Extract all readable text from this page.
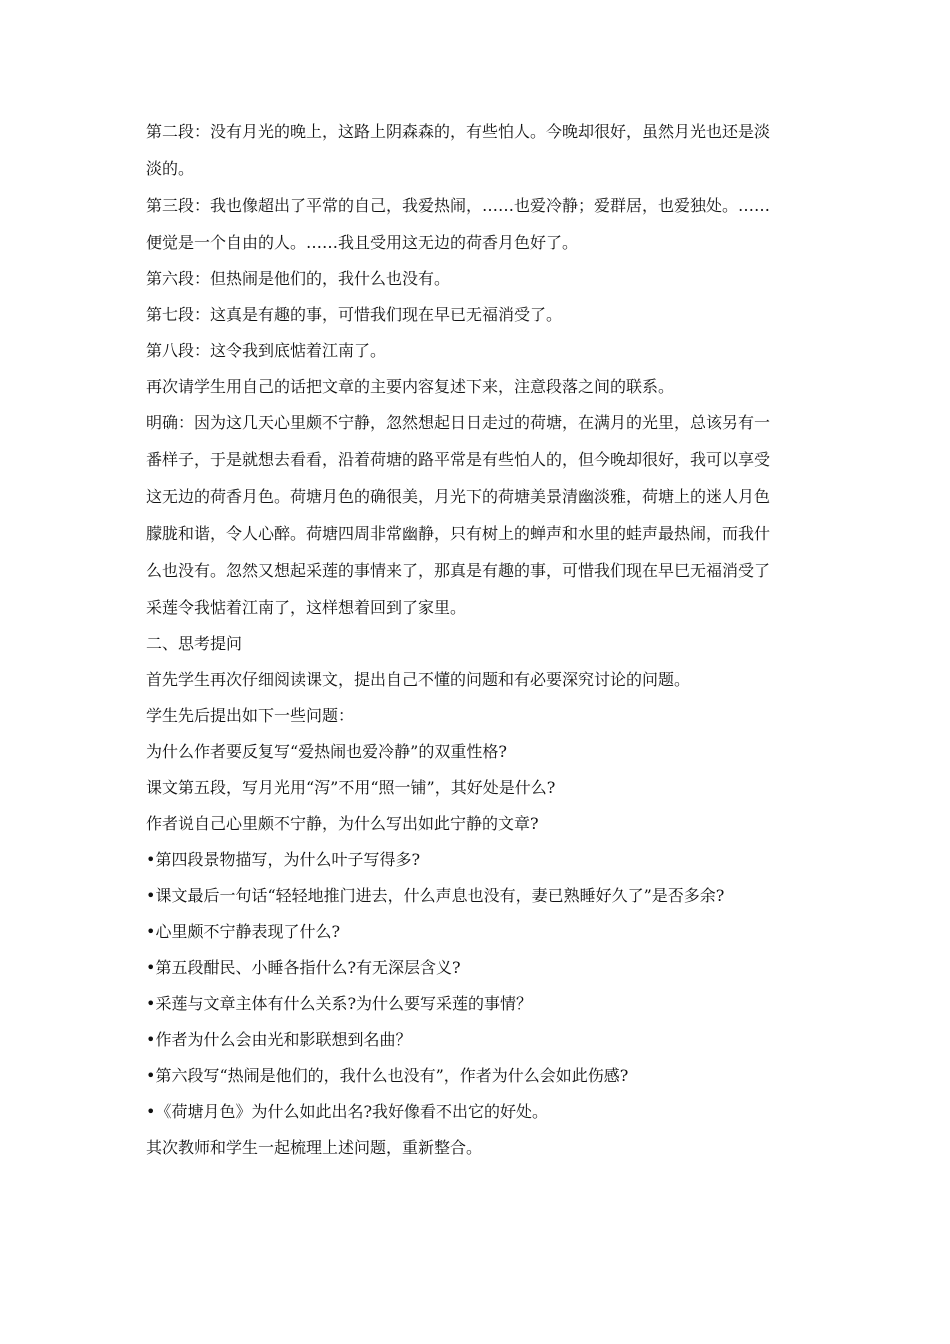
第二段：没有月光的晚上，这路上阴森森的，有些怕人。今晚却很好，虽然月光也还是淡

淡的。

第三段：我也像超出了平常的自己，我爱热闹，……也爱冷静；爱群居，也爱独处。……

便觉是一个自由的人。……我且受用这无边的荷香月色好了。

第六段：但热闹是他们的，我什么也没有。

第七段：这真是有趣的事，可惜我们现在早已无福消受了。

第八段：这令我到底惦着江南了。

再次请学生用自己的话把文章的主要内容复述下来，注意段落之间的联系。

明确：因为这几天心里颇不宁静，忽然想起日日走过的荷塘，在满月的光里，总该另有一

番样子，于是就想去看看，沿着荷塘的路平常是有些怕人的，但今晚却很好，我可以享受

这无边的荷香月色。荷塘月色的确很美，月光下的荷塘美景清幽淡雅，荷塘上的迷人月色

朦胧和谐，令人心醉。荷塘四周非常幽静，只有树上的蝉声和水里的蛙声最热闹，而我什

么也没有。忽然又想起采莲的事情来了，那真是有趣的事，可惜我们现在早巳无福消受了

采莲令我惦着江南了，这样想着回到了家里。

二、思考提问

首先学生再次仔细阅读课文，提出自己不懂的问题和有必要深究讨论的问题。

学生先后提出如下一些问题：

为什么作者要反复写“爱热闹也爱冷静”的双重性格?

课文第五段，写月光用“泻”不用“照一铺”，其好处是什么?

作者说自己心里颇不宁静，为什么写出如此宁静的文章?

•第四段景物描写，为什么叶子写得多?

•课文最后一句话“轻轻地推门进去，什么声息也没有，妻已熟睡好久了”是否多余?

•心里颇不宁静表现了什么?

•第五段酣民、小睡各指什么?有无深层含义?

•采莲与文章主体有什么关系?为什么要写采莲的事情？

•作者为什么会由光和影联想到名曲？

•第六段写“热闹是他们的，我什么也没有”，作者为什么会如此伤感?

•《荷塘月色》为什么如此出名?我好像看不出它的好处。

其次教师和学生一起梳理上述问题，重新整合。
